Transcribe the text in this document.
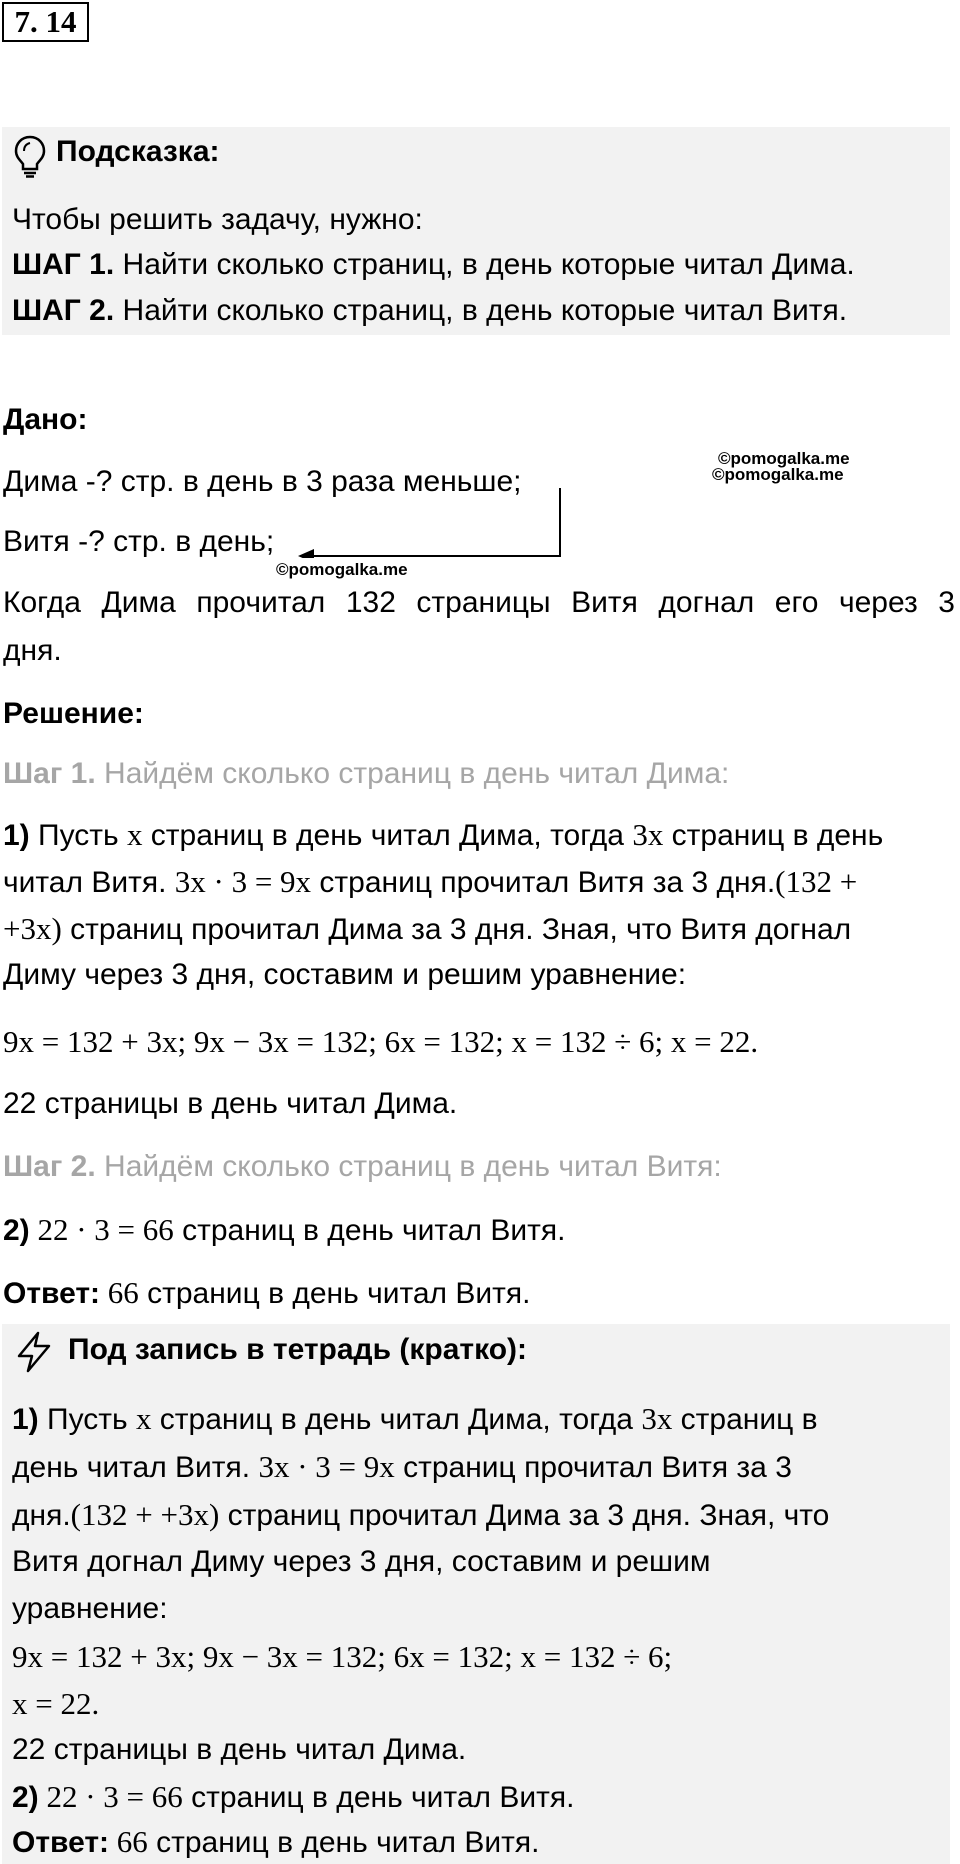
7. 14
Подсказка:
Чтобы решить задачу, нужно:
ШАГ 1. Найти сколько страниц, в день которые читал Дима.
ШАГ 2. Найти сколько страниц, в день которые читал Витя.
Дано:
Дима -? стр. в день в 3 раза меньше;
Витя -? стр. в день;
©pomogalka.me
©pomogalka.me
©pomogalka.me
Когда Дима прочитал 132 страницы Витя догнал его через 3
дня.
Решение:
Шаг 1. Найдём сколько страниц в день читал Дима:
1) Пусть x страниц в день читал Дима, тогда 3x страниц в день
читал Витя. 3x · 3 = 9x страниц прочитал Витя за 3 дня.(132 +
+3x) страниц прочитал Дима за 3 дня. Зная, что Витя догнал
Диму через 3 дня, составим и решим уравнение:
9x = 132 + 3x; 9x − 3x = 132; 6x = 132; x = 132 ÷ 6; x = 22.
22 страницы в день читал Дима.
Шаг 2. Найдём сколько страниц в день читал Витя:
2) 22 · 3 = 66 страниц в день читал Витя.
Ответ: 66 страниц в день читал Витя.
Под запись в тетрадь (кратко):
1) Пусть x страниц в день читал Дима, тогда 3x страниц в
день читал Витя. 3x · 3 = 9x страниц прочитал Витя за 3
дня.(132 + +3x) страниц прочитал Дима за 3 дня. Зная, что
Витя догнал Диму через 3 дня, составим и решим
уравнение:
9x = 132 + 3x; 9x − 3x = 132; 6x = 132; x = 132 ÷ 6;
x = 22.
22 страницы в день читал Дима.
2) 22 · 3 = 66 страниц в день читал Витя.
Ответ: 66 страниц в день читал Витя.
